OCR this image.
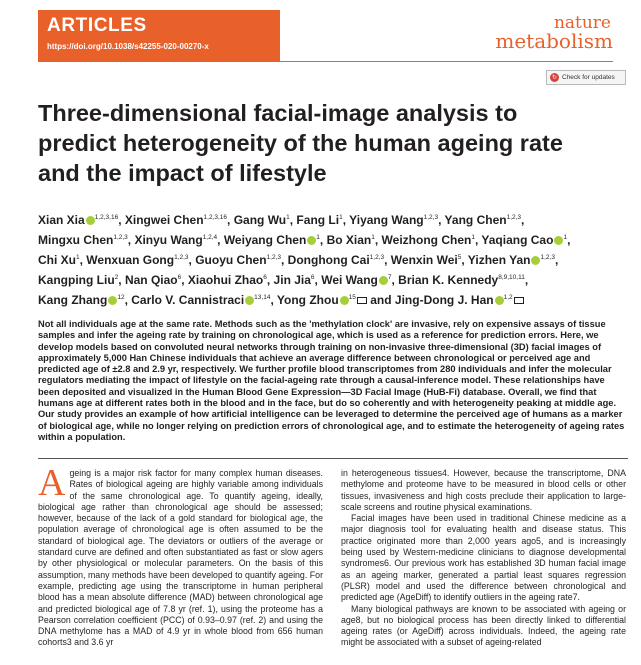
ARTICLES
https://doi.org/10.1038/s42255-020-00270-x
nature
metabolism
↻ Check for updates
Three-dimensional facial-image analysis to predict heterogeneity of the human ageing rate and the impact of lifestyle
Xian Xia $^{1,2,3,16}$, Xingwei Chen$^{1,2,3,16}$, Gang Wu$^1$, Fang Li$^1$, Yiyang Wang$^{1,2,3}$, Yang Chen$^{1,2,3}$,
Mingxu Chen$^{1,2,3}$, Xinyu Wang$^{1,2,4}$, Weiyang Chen $^1$, Bo Xian$^1$, Weizhong Chen$^1$, Yaqiang Cao $^1$,
Chi Xu$^1$, Wenxuan Gong$^{1,2,3}$, Guoyu Chen$^{1,2,3}$, Donghong Cai$^{1,2,3}$, Wenxin Wei$^5$, Yizhen Yan $^{1,2,3}$,
Kangping Liu$^2$, Nan Qiao$^6$, Xiaohui Zhao$^6$, Jin Jia$^6$, Wei Wang $^7$, Brian K. Kennedy$^{8,9,10,11}$,
Kang Zhang $^{12}$, Carlo V. Cannistraci $^{13,14}$, Yong Zhou $^{15}$ and Jing-Dong J. Han $^{1,2}$

Not all individuals age at the same rate. Methods such as the 'methylation clock' are invasive, rely on expensive assays of tissue samples and infer the ageing rate by training on chronological age, which is used as a reference for prediction errors. Here, we develop models based on convoluted neural networks through training on non-invasive three-dimensional (3D) facial images of approximately 5,000 Han Chinese individuals that achieve an average difference between chronological or perceived age and predicted age of ±2.8 and 2.9 yr, respectively. We further profile blood transcriptomes from 280 individuals and infer the molecular regulators mediating the impact of lifestyle on the facial-ageing rate through a causal-inference model. These relationships have been deposited and visualized in the Human Blood Gene Expression—3D Facial Image (HuB-Fi) database. Overall, we find that humans age at different rates both in the blood and in the face, but do so coherently and with heterogeneity peaking at middle age. Our study provides an example of how artificial intelligence can be leveraged to determine the perceived age of humans as a marker of biological age, while no longer relying on prediction errors of chronological age, and to estimate the heterogeneity of ageing rates within a population.

Ageing is a major risk factor for many complex human diseases. Rates of biological ageing are highly variable among individuals of the same chronological age. To quantify ageing, ideally, biological age rather than chronological age should be assessed; however, because of the lack of a gold standard for biological age, the population average of chronological age is often assumed to be the standard of biological age. The deviators or outliers of the average or standard curve are defined and often substantiated as fast or slow agers by other physiological or molecular parameters. On the basis of this assumption, many methods have been developed to quantify ageing. For example, predicting age using the transcriptome in human peripheral blood has a mean absolute difference (MAD) between chronological age and predicted biological age of 7.8 yr (ref. 1), using the proteome has a Pearson correlation coefficient (PCC) of 0.93–0.97 (ref. 2) and using the DNA methylome has a MAD of 4.9 yr in whole blood from 656 human cohorts3 and 3.6 yr

in heterogeneous tissues4. However, because the transcriptome, DNA methylome and proteome have to be measured in blood cells or other tissues, invasiveness and high costs preclude their application to large-scale screens and routine physical examinations.

Facial images have been used in traditional Chinese medicine as a major diagnosis tool for evaluating health and disease status. This practice originated more than 2,000 years ago5, and is increasingly being used by Western-medicine clinicians to diagnose developmental syndromes6. Our previous work has established 3D human facial image as an ageing marker, generated a partial least squares regression (PLSR) model and used the difference between chronological and predicted age (AgeDiff) to identify outliers in the ageing rate7.

Many biological pathways are known to be associated with ageing or age8, but no biological process has been directly linked to differential ageing rates (or AgeDiff) across individuals. Indeed, the ageing rate might be associated with a subset of ageing-related
